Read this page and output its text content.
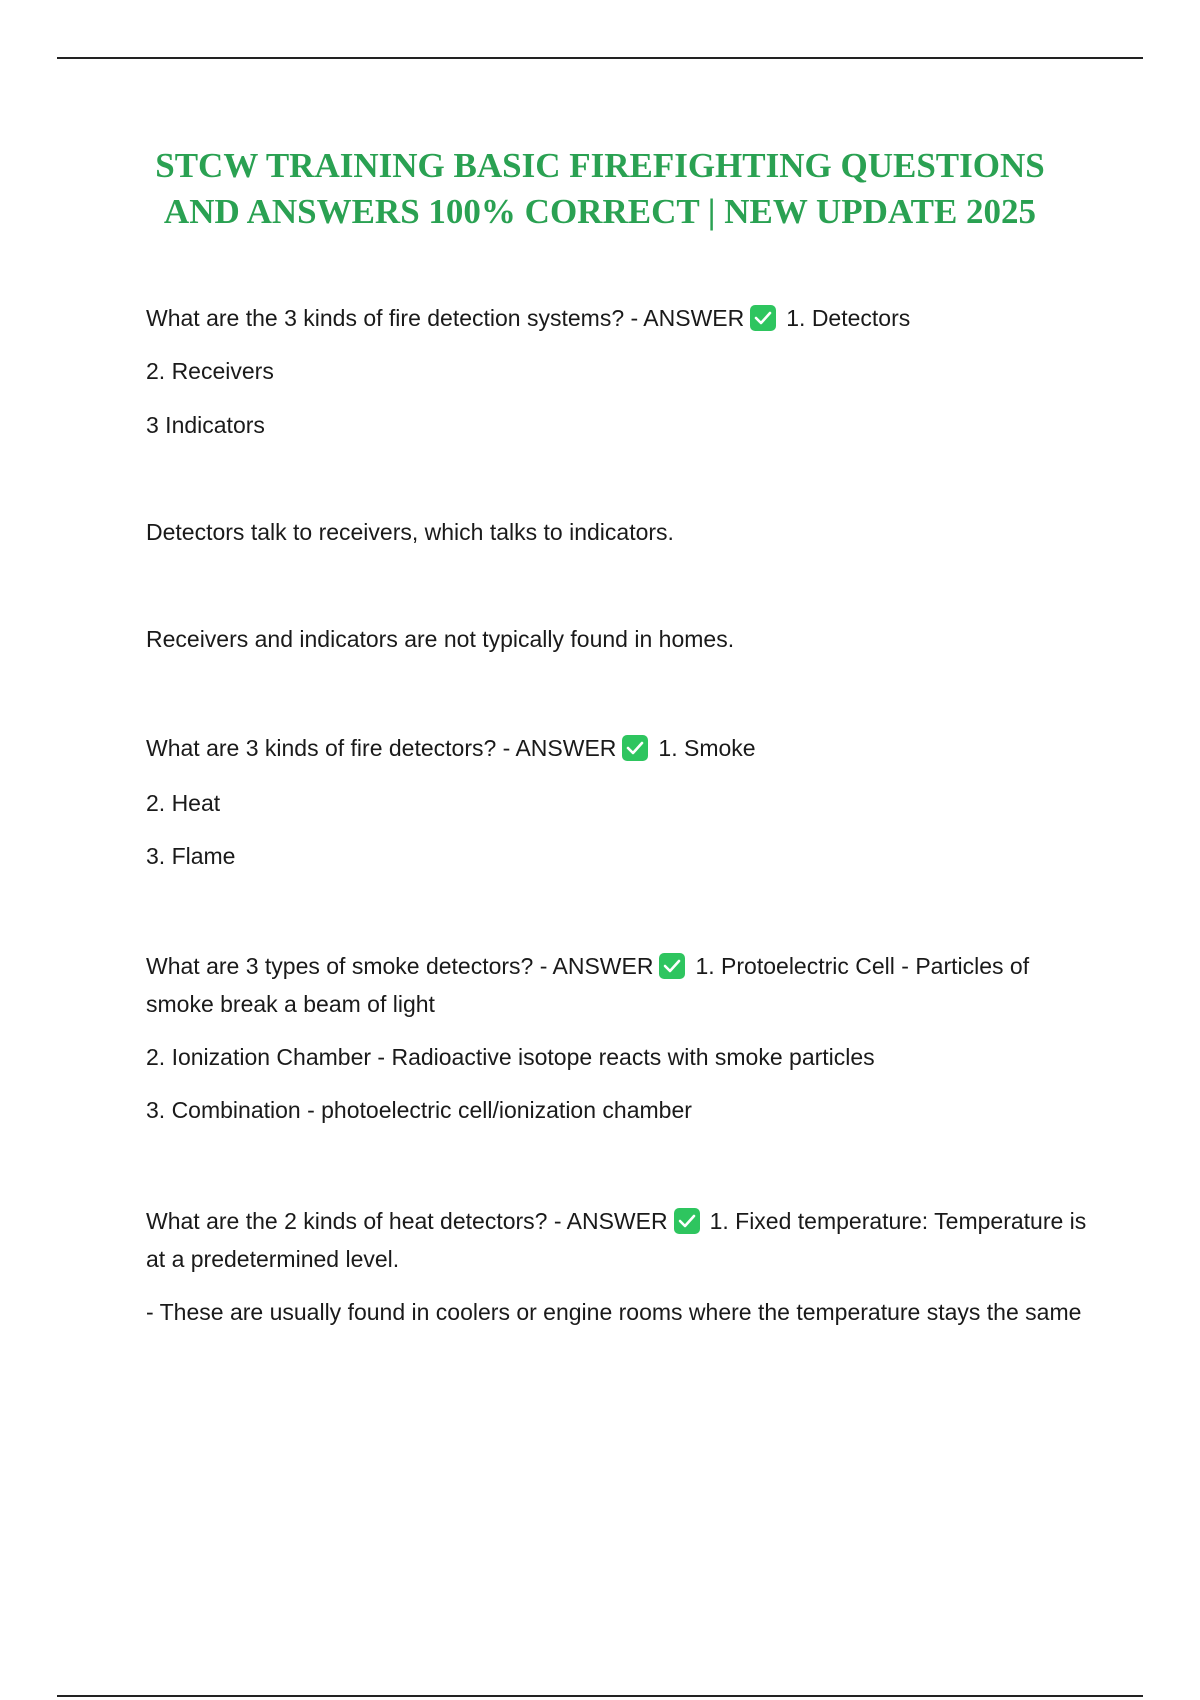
STCW TRAINING BASIC FIREFIGHTING QUESTIONS
AND ANSWERS 100% CORRECT | NEW UPDATE 2025
What are the 3 kinds of fire detection systems? - ANSWER 1. Detectors
2. Receivers
3 Indicators
Detectors talk to receivers, which talks to indicators.
Receivers and indicators are not typically found in homes.
What are 3 kinds of fire detectors? - ANSWER 1. Smoke
2. Heat
3. Flame
What are 3 types of smoke detectors? - ANSWER 1. Protoelectric Cell - Particles of smoke break a beam of light
2. Ionization Chamber - Radioactive isotope reacts with smoke particles
3. Combination - photoelectric cell/ionization chamber
What are the 2 kinds of heat detectors? - ANSWER 1. Fixed temperature: Temperature is at a predetermined level.
- These are usually found in coolers or engine rooms where the temperature stays the same
